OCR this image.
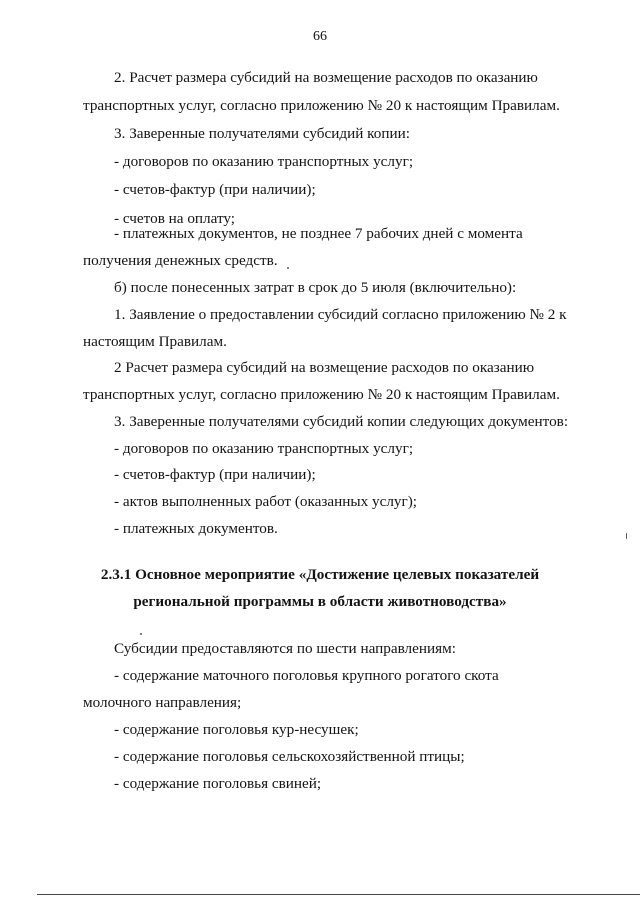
66
2. Расчет размера субсидий на возмещение расходов по оказанию
транспортных услуг, согласно приложению № 20 к настоящим Правилам.
3. Заверенные получателями субсидий копии:
- договоров по оказанию транспортных услуг;
- счетов-фактур (при наличии);
- счетов на оплату;
- платежных документов, не позднее 7 рабочих дней с момента
получения денежных средств.
б) после понесенных затрат в срок до 5 июля (включительно):
1. Заявление о предоставлении субсидий согласно приложению № 2 к
настоящим Правилам.
2 Расчет размера субсидий на возмещение расходов по оказанию
транспортных услуг, согласно приложению № 20 к настоящим Правилам.
3. Заверенные получателями субсидий копии следующих документов:
- договоров по оказанию транспортных услуг;
- счетов-фактур (при наличии);
- актов выполненных работ (оказанных услуг);
- платежных документов.
2.3.1 Основное мероприятие «Достижение целевых показателей
региональной программы в области животноводства»
Субсидии предоставляются по шести направлениям:
- содержание маточного поголовья крупного рогатого скота
молочного направления;
- содержание поголовья кур-несушек;
- содержание поголовья сельскохозяйственной птицы;
- содержание поголовья свиней;
